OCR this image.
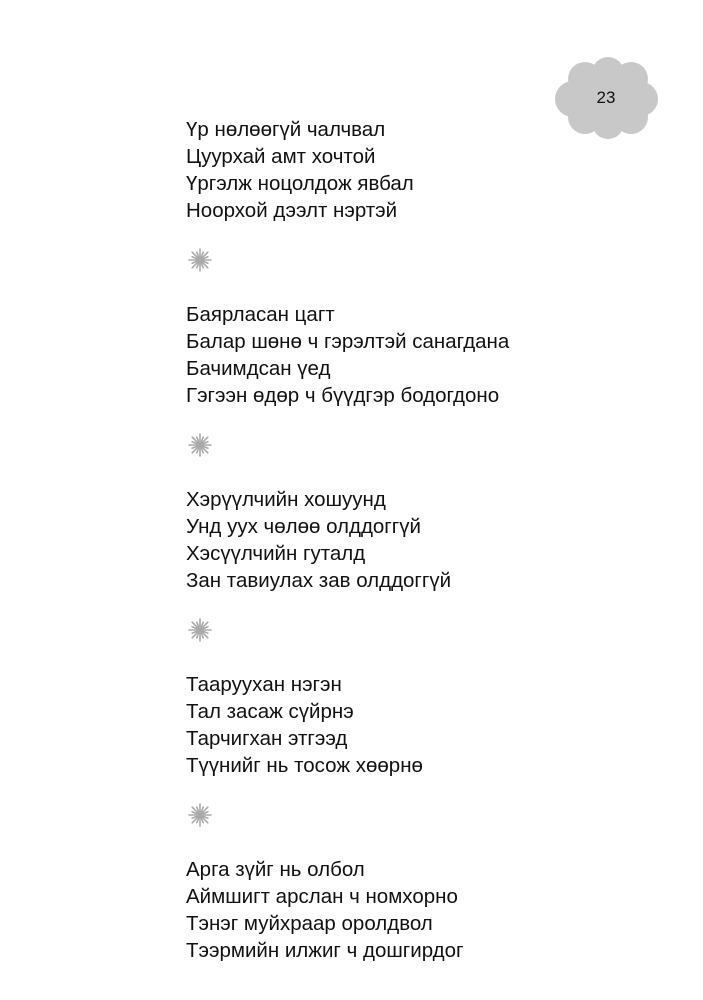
23
Үр нөлөөгүй чалчвал
Цуурхай амт хочтой
Үргэлж ноцолдож явбал
Ноорхой дээлт нэртэй
Баярласан цагт
Балар шөнө ч гэрэлтэй санагдана
Бачимдсан үед
Гэгээн өдөр ч бүүдгэр бодогдоно
Хэрүүлчийн хошуунд
Унд уух чөлөө олддоггүй
Хэсүүлчийн гуталд
Зан тавиулах зав олддоггүй
Таарууxан нэгэн
Тал засаж сүйрнэ
Тарчигхан этгээд
Түүнийг нь тосож хөөрнө
Арга зүйг нь олбол
Аймшигт арслан ч номхорно
Тэнэг муйхраар оролдвол
Тээрмийн илжиг ч дошгирдог
